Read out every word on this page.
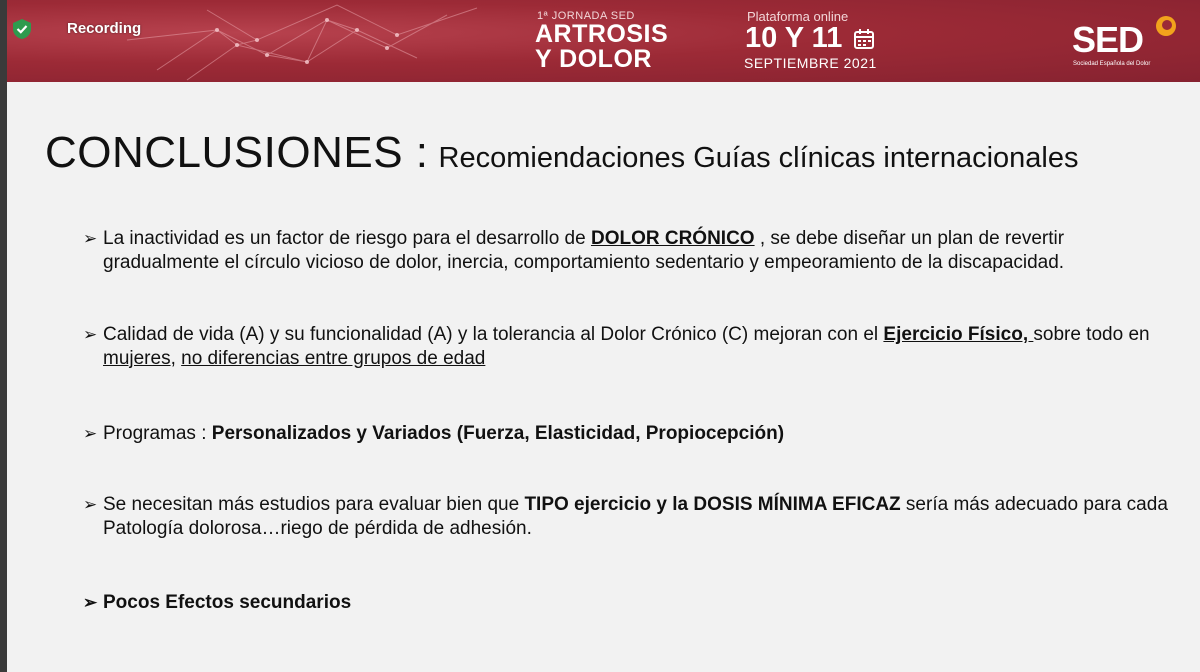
Recording
1ª JORNADA SED
ARTROSIS
Y DOLOR
Plataforma online
10 Y 11
SEPTIEMBRE 2021
SED
Sociedad Española del Dolor
CONCLUSIONES : Recomiendaciones Guías clínicas internacionales
➢ La inactividad es un factor de riesgo para el desarrollo de DOLOR CRÓNICO , se debe diseñar un plan de revertir gradualmente el círculo vicioso de dolor, inercia, comportamiento sedentario y empeoramiento de la discapacidad.
➢ Calidad de vida (A) y su funcionalidad (A) y la tolerancia al Dolor Crónico (C) mejoran con el Ejercicio Físico, sobre todo en mujeres, no diferencias entre grupos de edad
➢ Programas : Personalizados y Variados (Fuerza, Elasticidad, Propiocepción)
➢ Se necesitan más estudios para evaluar bien que TIPO ejercicio y la DOSIS MÍNIMA EFICAZ sería más adecuado para cada Patología dolorosa…riego de pérdida de adhesión.
➢ Pocos Efectos secundarios
